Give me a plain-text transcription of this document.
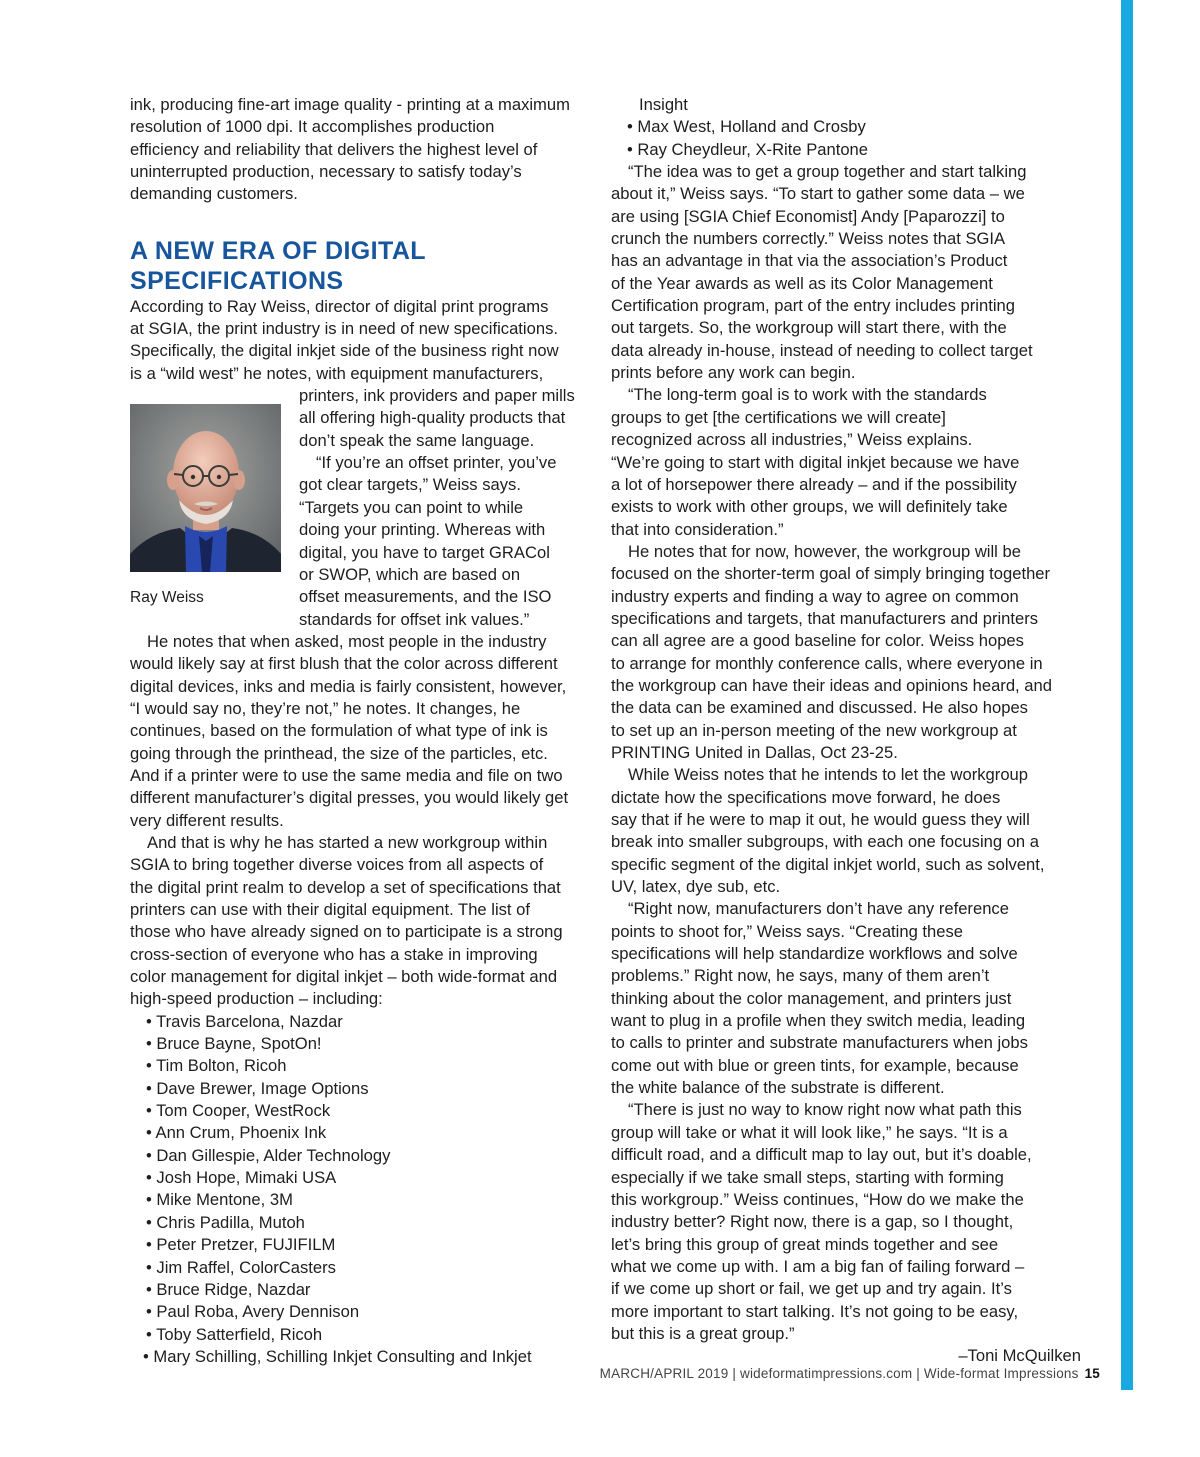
ink, producing fine-art image quality - printing at a maximum
resolution of 1000 dpi. It accomplishes production
efficiency and reliability that delivers the highest level of
uninterrupted production, necessary to satisfy today’s
demanding customers.
A NEW ERA OF DIGITAL
SPECIFICATIONS
According to Ray Weiss, director of digital print programs
at SGIA, the print industry is in need of new specifications.
Specifically, the digital inkjet side of the business right now
is a “wild west” he notes, with equipment manufacturers,
printers, ink providers and paper mills
all offering high-quality products that
don’t speak the same language.
“If you’re an offset printer, you’ve
got clear targets,” Weiss says.
“Targets you can point to while
doing your printing. Whereas with
digital, you have to target GRACol
or SWOP, which are based on
offset measurements, and the ISO
standards for offset ink values.”
He notes that when asked, most people in the industry
would likely say at first blush that the color across different
digital devices, inks and media is fairly consistent, however,
“I would say no, they’re not,” he notes. It changes, he
continues, based on the formulation of what type of ink is
going through the printhead, the size of the particles, etc.
And if a printer were to use the same media and file on two
different manufacturer’s digital presses, you would likely get
very different results.
And that is why he has started a new workgroup within
SGIA to bring together diverse voices from all aspects of
the digital print realm to develop a set of specifications that
printers can use with their digital equipment. The list of
those who have already signed on to participate is a strong
cross-section of everyone who has a stake in improving
color management for digital inkjet – both wide-format and
high-speed production – including:
• Travis Barcelona, Nazdar
• Bruce Bayne, SpotOn!
• Tim Bolton, Ricoh
• Dave Brewer, Image Options
• Tom Cooper, WestRock
• Ann Crum, Phoenix Ink
• Dan Gillespie, Alder Technology
• Josh Hope, Mimaki USA
• Mike Mentone, 3M
• Chris Padilla, Mutoh
• Peter Pretzer, FUJIFILM
• Jim Raffel, ColorCasters
• Bruce Ridge, Nazdar
• Paul Roba, Avery Dennison
• Toby Satterfield, Ricoh
• Mary Schilling, Schilling Inkjet Consulting and Inkjet
Ray Weiss
Insight
• Max West, Holland and Crosby
• Ray Cheydleur, X-Rite Pantone
“The idea was to get a group together and start talking
about it,” Weiss says. “To start to gather some data – we
are using [SGIA Chief Economist] Andy [Paparozzi] to
crunch the numbers correctly.” Weiss notes that SGIA
has an advantage in that via the association’s Product
of the Year awards as well as its Color Management
Certification program, part of the entry includes printing
out targets. So, the workgroup will start there, with the
data already in-house, instead of needing to collect target
prints before any work can begin.
“The long-term goal is to work with the standards
groups to get [the certifications we will create]
recognized across all industries,” Weiss explains.
“We’re going to start with digital inkjet because we have
a lot of horsepower there already – and if the possibility
exists to work with other groups, we will definitely take
that into consideration.”
He notes that for now, however, the workgroup will be
focused on the shorter-term goal of simply bringing together
industry experts and finding a way to agree on common
specifications and targets, that manufacturers and printers
can all agree are a good baseline for color. Weiss hopes
to arrange for monthly conference calls, where everyone in
the workgroup can have their ideas and opinions heard, and
the data can be examined and discussed. He also hopes
to set up an in-person meeting of the new workgroup at
PRINTING United in Dallas, Oct 23-25.
While Weiss notes that he intends to let the workgroup
dictate how the specifications move forward, he does
say that if he were to map it out, he would guess they will
break into smaller subgroups, with each one focusing on a
specific segment of the digital inkjet world, such as solvent,
UV, latex, dye sub, etc.
“Right now, manufacturers don’t have any reference
points to shoot for,” Weiss says. “Creating these
specifications will help standardize workflows and solve
problems.” Right now, he says, many of them aren’t
thinking about the color management, and printers just
want to plug in a profile when they switch media, leading
to calls to printer and substrate manufacturers when jobs
come out with blue or green tints, for example, because
the white balance of the substrate is different.
“There is just no way to know right now what path this
group will take or what it will look like,” he says. “It is a
difficult road, and a difficult map to lay out, but it’s doable,
especially if we take small steps, starting with forming
this workgroup.” Weiss continues, “How do we make the
industry better? Right now, there is a gap, so I thought,
let’s bring this group of great minds together and see
what we come up with. I am a big fan of failing forward –
if we come up short or fail, we get up and try again. It’s
more important to start talking. It’s not going to be easy,
but this is a great group.”
–Toni McQuilken
MARCH/APRIL 2019 | wideformatimpressions.com | Wide-format Impressions 15
